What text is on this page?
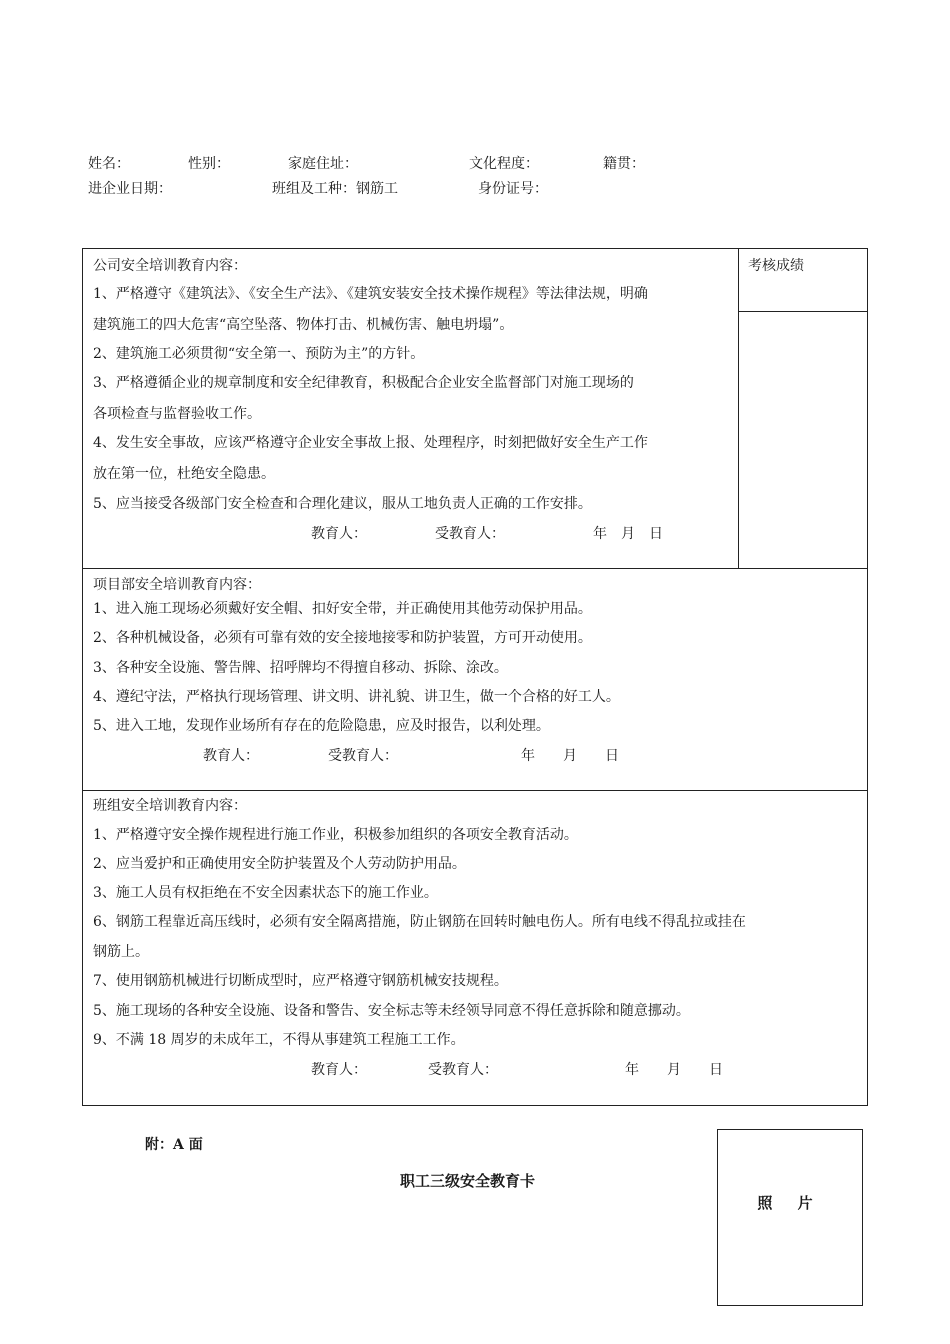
姓名：	性别：	家庭住址：	文化程度：	籍贯：
进企业日期：	班组及工种：钢筋工	身份证号：
公司安全培训教育内容：	考核成绩
1、严格遵守《建筑法》、《安全生产法》、《建筑安装安全技术操作规程》等法律法规，明确
建筑施工的四大危害“高空坠落、物体打击、机械伤害、触电坍塌”。
2、建筑施工必须贯彻“安全第一、预防为主”的方针。
3、严格遵循企业的规章制度和安全纪律教育，积极配合企业安全监督部门对施工现场的
各项检查与监督验收工作。
4、发生安全事故，应该严格遵守企业安全事故上报、处理程序，时刻把做好安全生产工作
放在第一位，杜绝安全隐患。
5、应当接受各级部门安全检查和合理化建议，服从工地负责人正确的工作安排。
教育人：	受教育人：	年　月　日
项目部安全培训教育内容：
1、进入施工现场必须戴好安全帽、扣好安全带，并正确使用其他劳动保护用品。
2、各种机械设备，必须有可靠有效的安全接地接零和防护装置，方可开动使用。
3、各种安全设施、警告牌、招呼牌均不得擅自移动、拆除、涂改。
4、遵纪守法，严格执行现场管理、讲文明、讲礼貌、讲卫生，做一个合格的好工人。
5、进入工地，发现作业场所有存在的危险隐患，应及时报告，以利处理。
教育人：	受教育人：	年　　月　　日
班组安全培训教育内容：
1、严格遵守安全操作规程进行施工作业，积极参加组织的各项安全教育活动。
2、应当爱护和正确使用安全防护装置及个人劳动防护用品。
3、施工人员有权拒绝在不安全因素状态下的施工作业。
6、钢筋工程靠近高压线时，必须有安全隔离措施，防止钢筋在回转时触电伤人。所有电线不得乱拉或挂在
钢筋上。
7、使用钢筋机械进行切断成型时，应严格遵守钢筋机械安技规程。
5、施工现场的各种安全设施、设备和警告、安全标志等未经领导同意不得任意拆除和随意挪动。
9、不满 18 周岁的未成年工，不得从事建筑工程施工工作。
教育人：	受教育人：	年　　月　　日
附：A 面
职工三级安全教育卡
照 片
